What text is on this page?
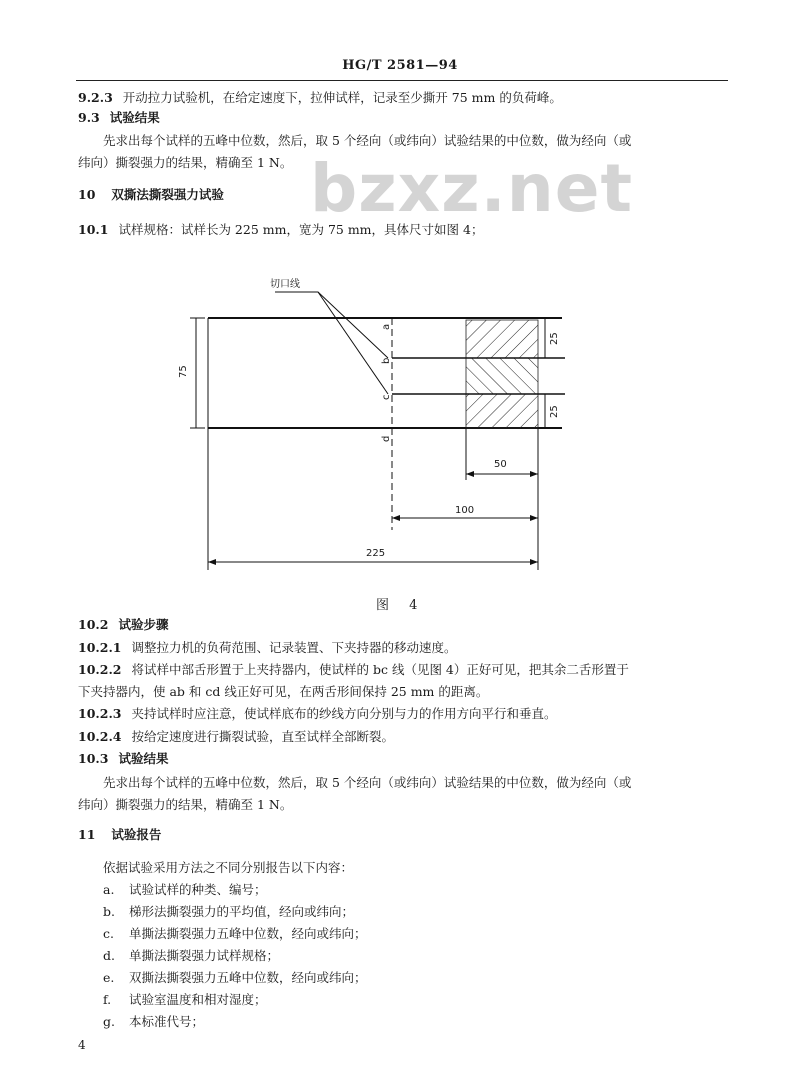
HG/T 2581—94
bzxz.net
9.2.3 开动拉力试验机，在给定速度下，拉伸试样，记录至少撕开 75 mm 的负荷峰。
9.3 试验结果
先求出每个试样的五峰中位数，然后，取 5 个经向（或纬向）试验结果的中位数，做为经向（或
纬向）撕裂强力的结果，精确至 1 N。
10 双撕法撕裂强力试验
10.1 试样规格：试样长为 225 mm，宽为 75 mm，具体尺寸如图 4；
切口线
75
25
25
a
b
c
d
50
100
225
图 4
10.2 试验步骤
10.2.1 调整拉力机的负荷范围、记录装置、下夹持器的移动速度。
10.2.2 将试样中部舌形置于上夹持器内，使试样的 bc 线（见图 4）正好可见，把其余二舌形置于
下夹持器内，使 ab 和 cd 线正好可见，在两舌形间保持 25 mm 的距离。
10.2.3 夹持试样时应注意，使试样底布的纱线方向分别与力的作用方向平行和垂直。
10.2.4 按给定速度进行撕裂试验，直至试样全部断裂。
10.3 试验结果
先求出每个试样的五峰中位数，然后，取 5 个经向（或纬向）试验结果的中位数，做为经向（或
纬向）撕裂强力的结果，精确至 1 N。
11 试验报告
依据试验采用方法之不同分别报告以下内容：
a. 试验试样的种类、编号；
b. 梯形法撕裂强力的平均值，经向或纬向；
c. 单撕法撕裂强力五峰中位数，经向或纬向；
d. 单撕法撕裂强力试样规格；
e. 双撕法撕裂强力五峰中位数，经向或纬向；
f. 试验室温度和相对湿度；
g. 本标准代号；
4
